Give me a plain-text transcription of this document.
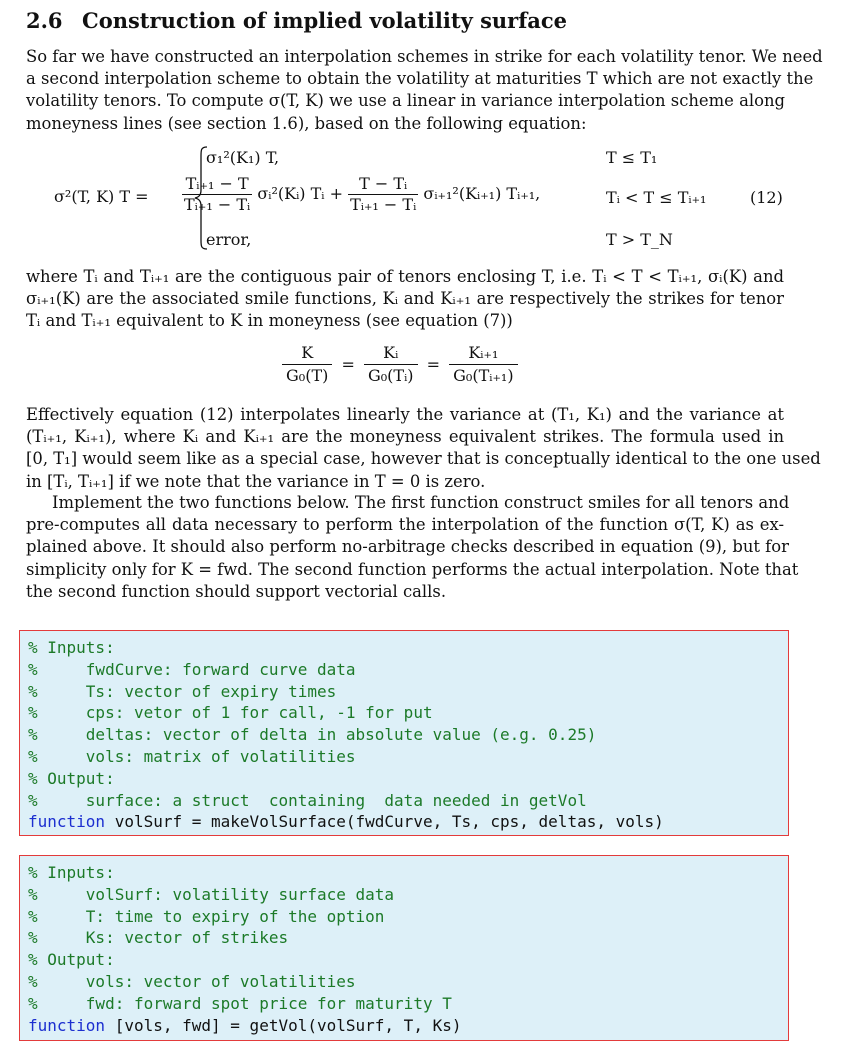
2.6 Construction of implied volatility surface

So far we have constructed an interpolation schemes in strike for each volatility tenor. We need
a second interpolation scheme to obtain the volatility at maturities T which are not exactly the
volatility tenors. To compute σ(T, K) we use a linear in variance interpolation scheme along
moneyness lines (see section 1.6), based on the following equation:

σ²(T, K) T =
σ₁²(K₁) T,	T ≤ T₁
$\frac{\text{Tᵢ₊₁ − T}}{\text{Tᵢ₊₁ − Tᵢ}}$ σᵢ²(Kᵢ) Tᵢ + $\frac{\text{T − Tᵢ}}{\text{Tᵢ₊₁ − Tᵢ}}$ σᵢ₊₁²(Kᵢ₊₁) Tᵢ₊₁,	Tᵢ < T ≤ Tᵢ₊₁
error,	T > T_N
(12)

where Tᵢ and Tᵢ₊₁ are the contiguous pair of tenors enclosing T, i.e. Tᵢ < T < Tᵢ₊₁, σᵢ(K) and
σᵢ₊₁(K) are the associated smile functions, Kᵢ and Kᵢ₊₁ are respectively the strikes for tenor
Tᵢ and Tᵢ₊₁ equivalent to K in moneyness (see equation (7))

$\frac{K}{\text{G₀(T)}} = \frac{\text{Kᵢ}}{\text{G₀(Tᵢ)}} = \frac{\text{Kᵢ₊₁}}{\text{G₀(Tᵢ₊₁)}}$

Effectively equation (12) interpolates linearly the variance at (T₁, K₁) and the variance at
(Tᵢ₊₁, Kᵢ₊₁), where Kᵢ and Kᵢ₊₁ are the moneyness equivalent strikes. The formula used in
[0, T₁] would seem like as a special case, however that is conceptually identical to the one used
in [Tᵢ, Tᵢ₊₁] if we note that the variance in T = 0 is zero.

Implement the two functions below. The first function construct smiles for all tenors and
pre-computes all data necessary to perform the interpolation of the function σ(T, K) as ex-
plained above. It should also perform no-arbitrage checks described in equation (9), but for
simplicity only for K = fwd. The second function performs the actual interpolation. Note that
the second function should support vectorial calls.

% Inputs:
%     fwdCurve: forward curve data
%     Ts: vector of expiry times
%     cps: vetor of 1 for call, -1 for put
%     deltas: vector of delta in absolute value (e.g. 0.25)
%     vols: matrix of volatilities
% Output:
%     surface: a struct  containing  data needed in getVol
function volSurf = makeVolSurface(fwdCurve, Ts, cps, deltas, vols)
% Inputs:
%     volSurf: volatility surface data
%     T: time to expiry of the option
%     Ks: vector of strikes
% Output:
%     vols: vector of volatilities
%     fwd: forward spot price for maturity T
function [vols, fwd] = getVol(volSurf, T, Ks)
